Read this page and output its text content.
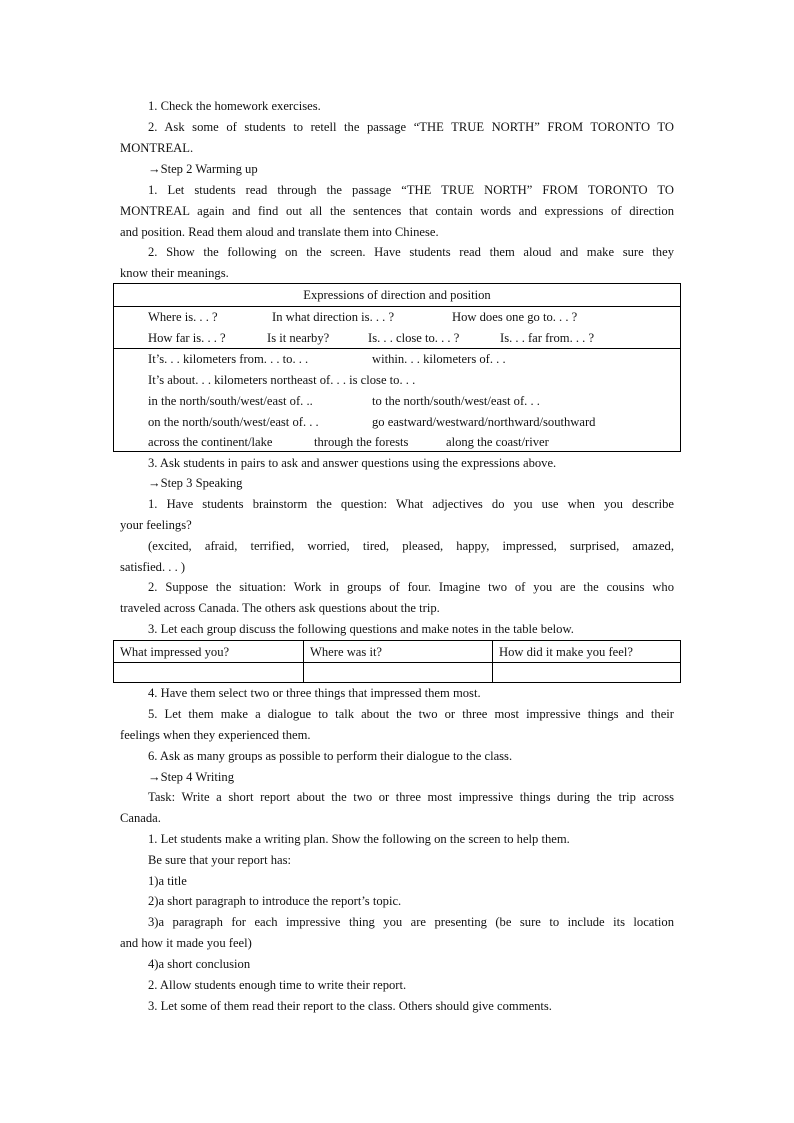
1. Check the homework exercises.
2. Ask some of students to retell the passage “THE TRUE NORTH” FROM TORONTO TO
MONTREAL.
→Step 2 Warming up
1. Let students read through the passage “THE TRUE NORTH” FROM TORONTO TO
MONTREAL again and find out all the sentences that contain words and expressions of direction
and position. Read them aloud and translate them into Chinese.
2. Show the following on the screen. Have students read them aloud and make sure they
know their meanings.
Expressions of direction and position
Where is. . . ?	In what direction is. . . ?	How does one go to. . . ?
How far is. . . ?	Is it nearby?	Is. . . close to. . . ?	Is. . . far from. . . ?
It’s. . . kilometers from. . . to. . .	within. . . kilometers of. . .
It’s about. . . kilometers northeast of. . . is close to. . .
in the north/south/west/east of. ..	to the north/south/west/east of. . .
on the north/south/west/east of. . .	go eastward/westward/northward/southward
across the continent/lake	through the forests	along the coast/river
3. Ask students in pairs to ask and answer questions using the expressions above.
→Step 3 Speaking
1. Have students brainstorm the question: What adjectives do you use when you describe
your feelings?
(excited, afraid, terrified, worried, tired, pleased, happy, impressed, surprised, amazed,
satisfied. . . )
2. Suppose the situation: Work in groups of four. Imagine two of you are the cousins who
traveled across Canada. The others ask questions about the trip.
3. Let each group discuss the following questions and make notes in the table below.
What impressed you?	Where was it?	How did it make you feel?
4. Have them select two or three things that impressed them most.
5. Let them make a dialogue to talk about the two or three most impressive things and their
feelings when they experienced them.
6. Ask as many groups as possible to perform their dialogue to the class.
→Step 4 Writing
Task: Write a short report about the two or three most impressive things during the trip across
Canada.
1. Let students make a writing plan. Show the following on the screen to help them.
Be sure that your report has:
1)a title
2)a short paragraph to introduce the report’s topic.
3)a paragraph for each impressive thing you are presenting (be sure to include its location
and how it made you feel)
4)a short conclusion
2. Allow students enough time to write their report.
3. Let some of them read their report to the class. Others should give comments.
